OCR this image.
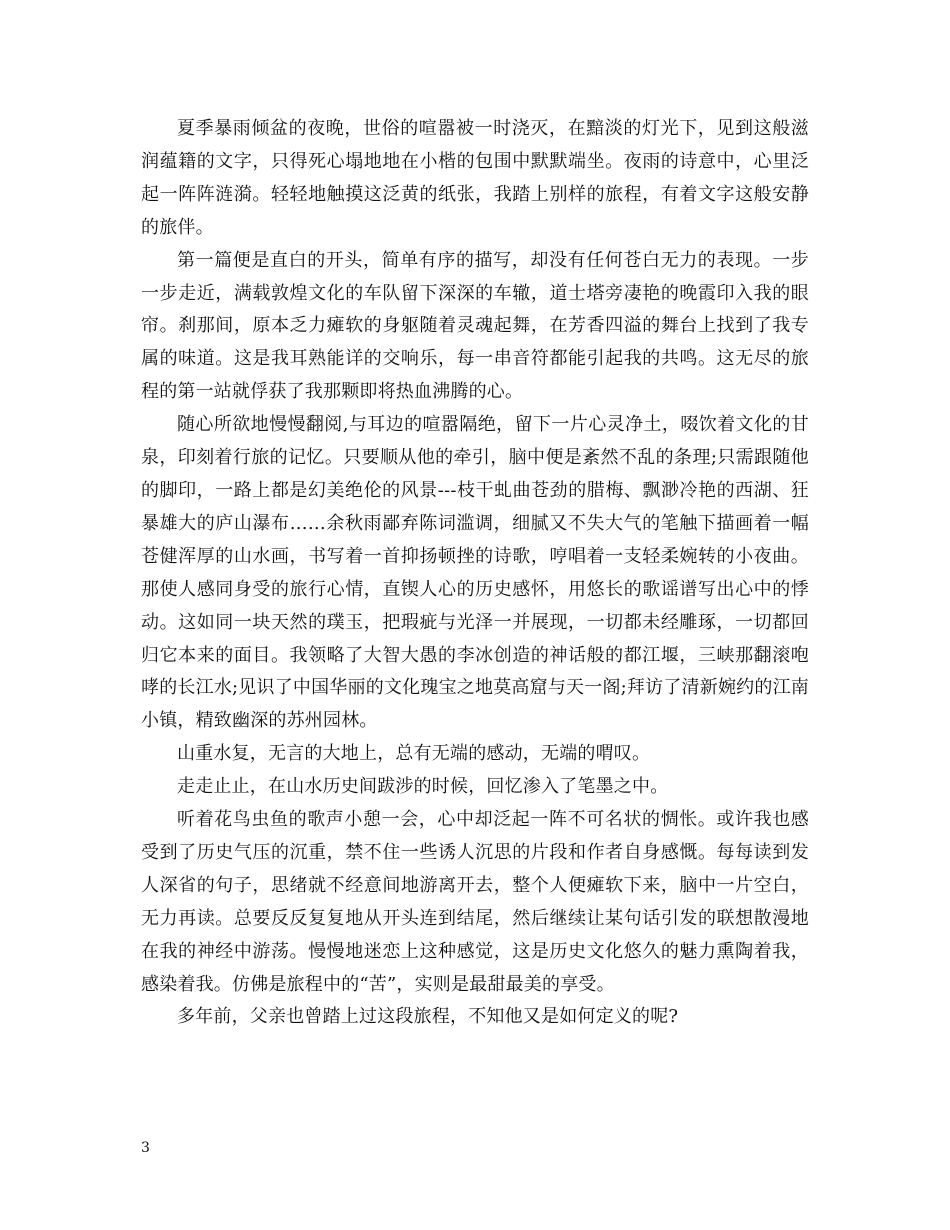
夏季暴雨倾盆的夜晚，世俗的喧嚣被一时浇灭，在黯淡的灯光下，见到这般滋润蕴籍的文字，只得死心塌地地在小楷的包围中默默端坐。夜雨的诗意中，心里泛起一阵阵涟漪。轻轻地触摸这泛黄的纸张，我踏上别样的旅程，有着文字这般安静的旅伴。

第一篇便是直白的开头，简单有序的描写，却没有任何苍白无力的表现。一步一步走近，满载敦煌文化的车队留下深深的车辙，道士塔旁凄艳的晚霞印入我的眼帘。刹那间，原本乏力瘫软的身躯随着灵魂起舞，在芳香四溢的舞台上找到了我专属的味道。这是我耳熟能详的交响乐，每一串音符都能引起我的共鸣。这无尽的旅程的第一站就俘获了我那颗即将热血沸腾的心。

随心所欲地慢慢翻阅,与耳边的喧嚣隔绝，留下一片心灵净土，啜饮着文化的甘泉，印刻着行旅的记忆。只要顺从他的牵引，脑中便是紊然不乱的条理;只需跟随他的脚印，一路上都是幻美绝伦的风景---枝干虬曲苍劲的腊梅、飘渺冷艳的西湖、狂暴雄大的庐山瀑布……余秋雨鄙弃陈词滥调，细腻又不失大气的笔触下描画着一幅苍健浑厚的山水画，书写着一首抑扬顿挫的诗歌，哼唱着一支轻柔婉转的小夜曲。那使人感同身受的旅行心情，直锲人心的历史感怀，用悠长的歌谣谱写出心中的悸动。这如同一块天然的璞玉，把瑕疵与光泽一并展现，一切都未经雕琢，一切都回归它本来的面目。我领略了大智大愚的李冰创造的神话般的都江堰，三峡那翻滚咆哮的长江水;见识了中国华丽的文化瑰宝之地莫高窟与天一阁;拜访了清新婉约的江南小镇，精致幽深的苏州园林。

山重水复，无言的大地上，总有无端的感动，无端的喟叹。

走走止止，在山水历史间跋涉的时候，回忆渗入了笔墨之中。

听着花鸟虫鱼的歌声小憩一会，心中却泛起一阵不可名状的惆怅。或许我也感受到了历史气压的沉重，禁不住一些诱人沉思的片段和作者自身感慨。每每读到发人深省的句子，思绪就不经意间地游离开去，整个人便瘫软下来，脑中一片空白，无力再读。总要反反复复地从开头连到结尾，然后继续让某句话引发的联想散漫地在我的神经中游荡。慢慢地迷恋上这种感觉，这是历史文化悠久的魅力熏陶着我，感染着我。仿佛是旅程中的“苦”，实则是最甜最美的享受。

多年前，父亲也曾踏上过这段旅程，不知他又是如何定义的呢?

3
